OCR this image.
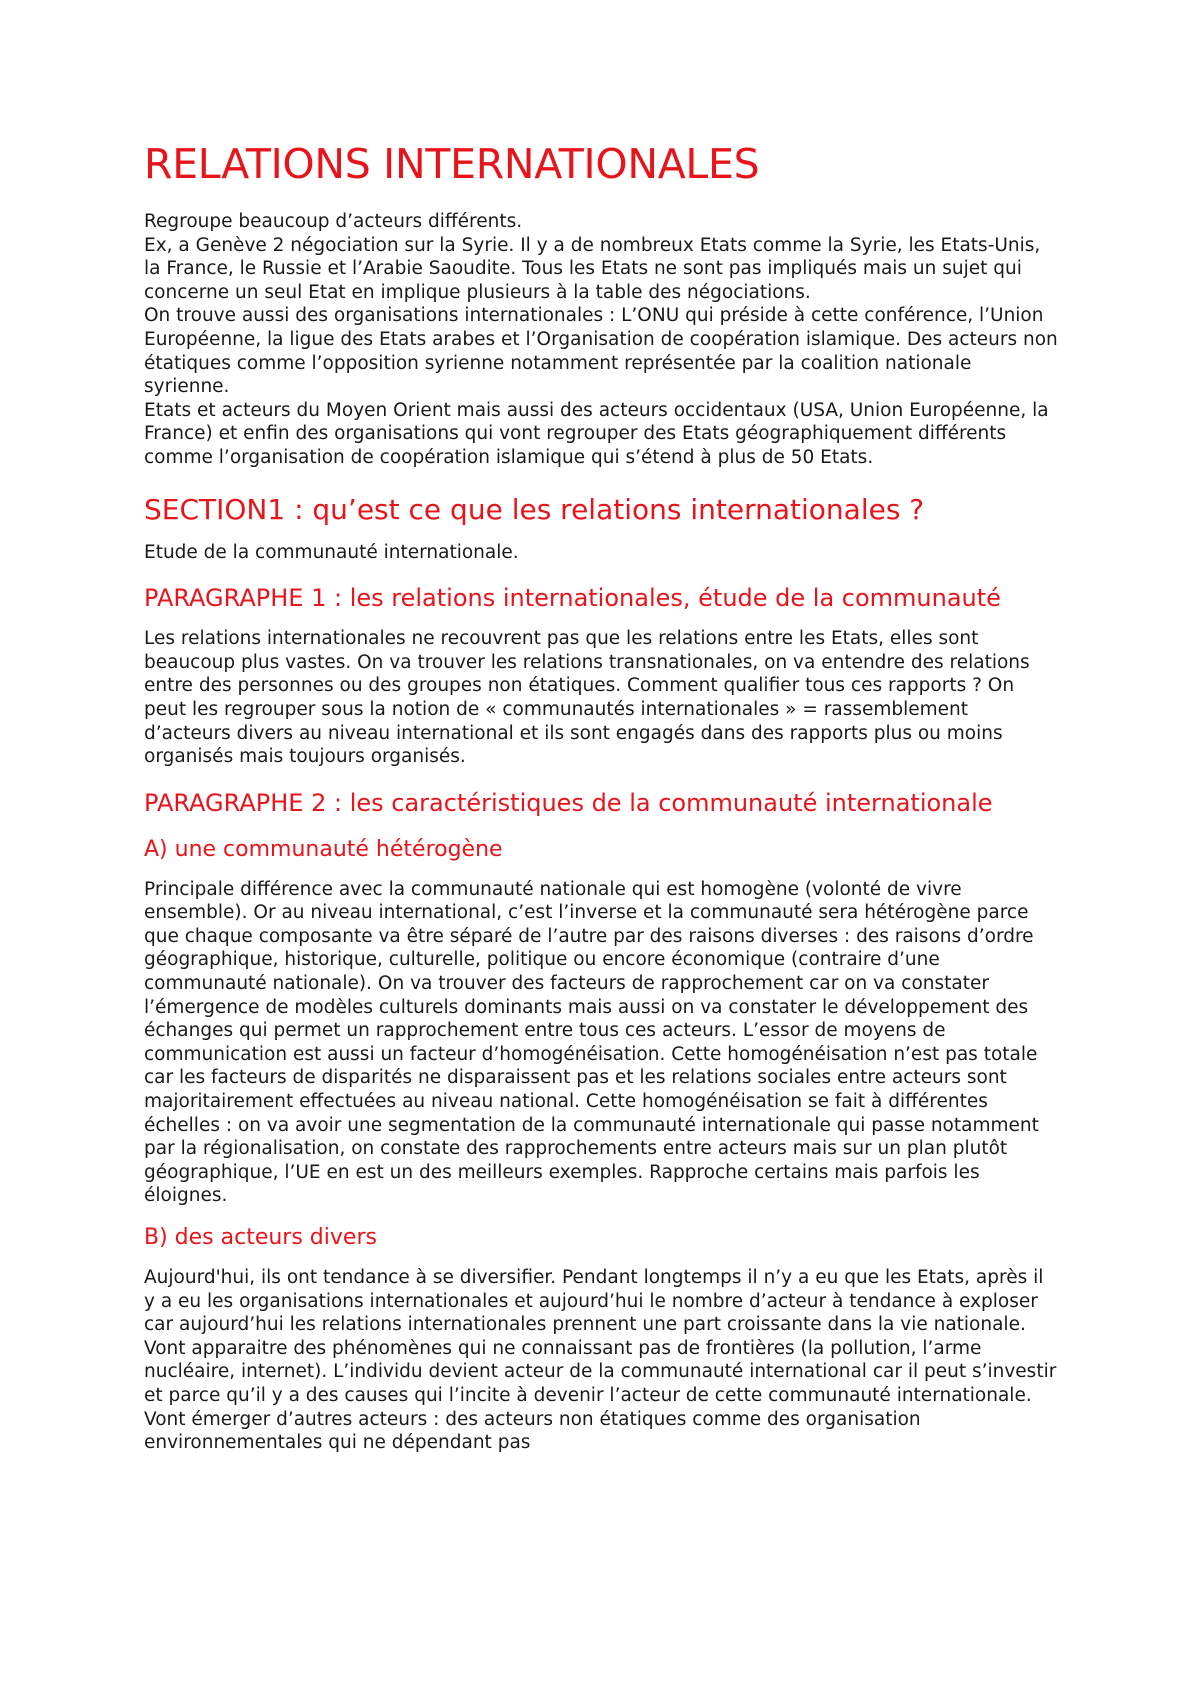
RELATIONS INTERNATIONALES

Regroupe beaucoup d’acteurs différents.

Ex, a Genève 2 négociation sur la Syrie. Il y a de nombreux Etats comme la Syrie, les Etats-Unis, la France, le Russie et l’Arabie Saoudite. Tous les Etats ne sont pas impliqués mais un sujet qui concerne un seul Etat en implique plusieurs à la table des négociations.

On trouve aussi des organisations internationales : L’ONU qui préside à cette conférence, l’Union Européenne, la ligue des Etats arabes et l’Organisation de coopération islamique. Des acteurs non étatiques comme l’opposition syrienne notamment représentée par la coalition nationale syrienne.

Etats et acteurs du Moyen Orient mais aussi des acteurs occidentaux (USA, Union Européenne, la France) et enfin des organisations qui vont regrouper des Etats géographiquement différents comme l’organisation de coopération islamique qui s’étend à plus de 50 Etats.

SECTION1 : qu’est ce que les relations internationales ?

Etude de la communauté internationale.

PARAGRAPHE 1 : les relations internationales, étude de la communauté

Les relations internationales ne recouvrent pas que les relations entre les Etats, elles sont beaucoup plus vastes. On va trouver les relations transnationales, on va entendre des relations entre des personnes ou des groupes non étatiques. Comment qualifier tous ces rapports ? On peut les regrouper sous la notion de « communautés internationales » = rassemblement d’acteurs divers au niveau international et ils sont engagés dans des rapports plus ou moins organisés mais toujours organisés.

PARAGRAPHE 2 : les caractéristiques de la communauté internationale
A) une communauté hétérogène

Principale différence avec la communauté nationale qui est homogène (volonté de vivre ensemble). Or au niveau international, c’est l’inverse et la communauté sera hétérogène parce que chaque composante va être séparé de l’autre par des raisons diverses : des raisons d’ordre géographique, historique, culturelle, politique ou encore économique (contraire d’une communauté nationale). On va trouver des facteurs de rapprochement car on va constater l’émergence de modèles culturels dominants mais aussi on va constater le développement des échanges qui permet un rapprochement entre tous ces acteurs. L’essor de moyens de communication est aussi un facteur d’homogénéisation. Cette homogénéisation n’est pas totale car les facteurs de disparités ne disparaissent pas et les relations sociales entre acteurs sont majoritairement effectuées au niveau national. Cette homogénéisation se fait à différentes échelles : on va avoir une segmentation de la communauté internationale qui passe notamment par la régionalisation, on constate des rapprochements entre acteurs mais sur un plan plutôt géographique, l’UE en est un des meilleurs exemples. Rapproche certains mais parfois les éloignes.

B) des acteurs divers

Aujourd'hui, ils ont tendance à se diversifier. Pendant longtemps il n’y a eu que les Etats, après il y a eu les organisations internationales et aujourd’hui le nombre d’acteur à tendance à exploser car aujourd’hui les relations internationales prennent une part croissante dans la vie nationale. Vont apparaitre des phénomènes qui ne connaissant pas de frontières (la pollution, l’arme nucléaire, internet). L’individu devient acteur de la communauté international car il peut s’investir et parce qu’il y a des causes qui l’incite à devenir l’acteur de cette communauté internationale. Vont émerger d’autres acteurs : des acteurs non étatiques comme des organisation environnementales qui ne dépendant pas
